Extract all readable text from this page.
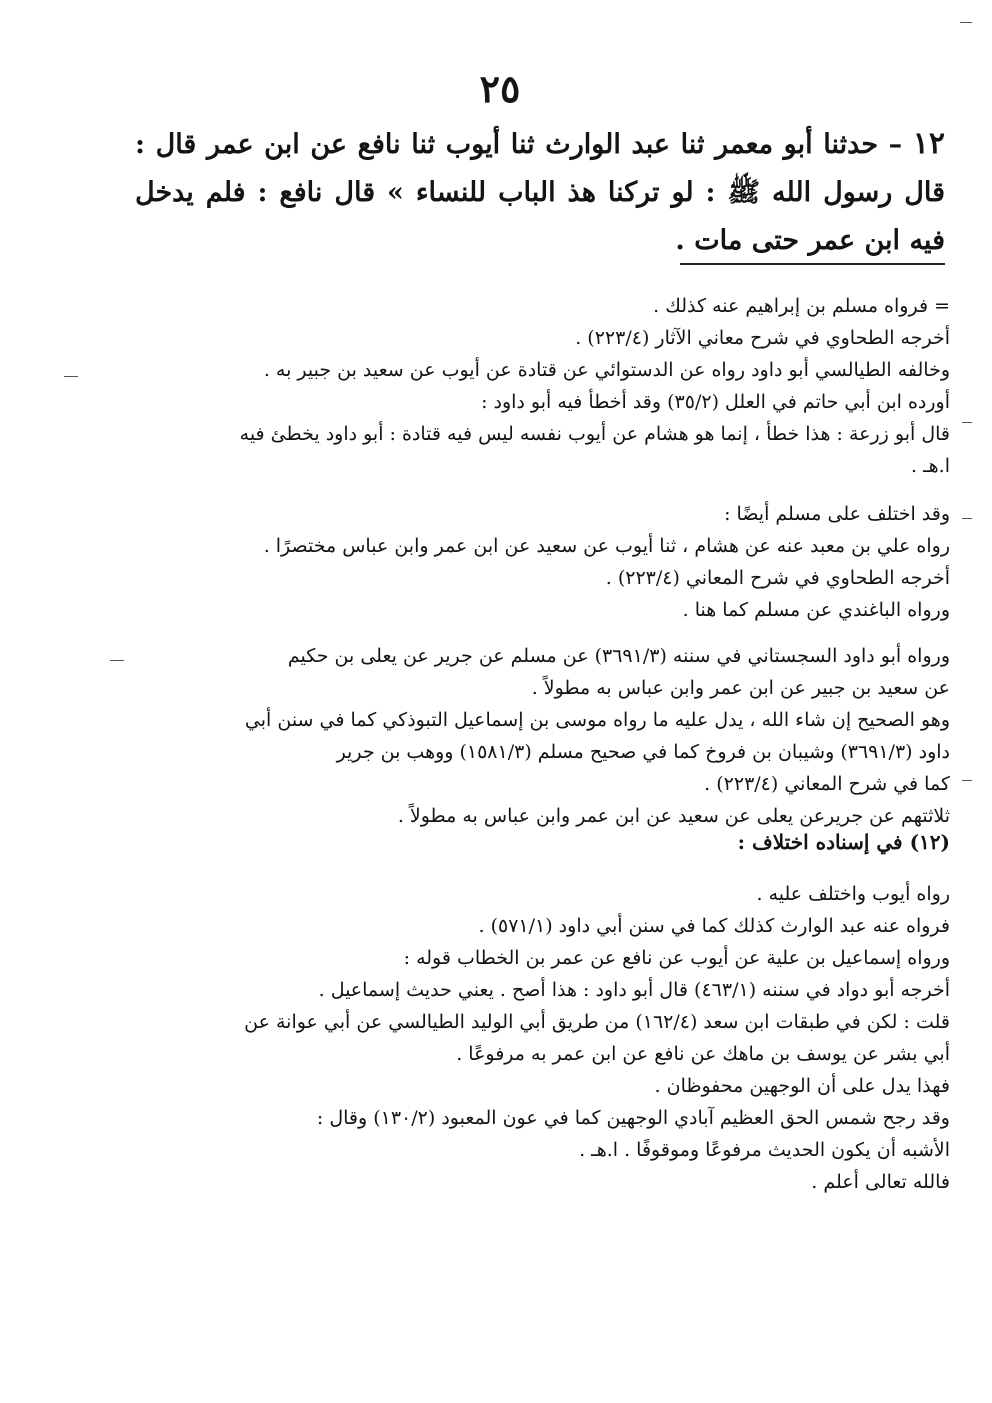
٢٥
١٢ – حدثنا أبو معمر ثنا عبد الوارث ثنا أيوب ثنا نافع عن ابن عمر قال : قال رسول الله ﷺ : لو تركنا هذ الباب للنساء » قال نافع : فلم يدخل فيه ابن عمر حتى مات .
= فرواه مسلم بن إبراهيم عنه كذلك .
أخرجه الطحاوي في شرح معاني الآثار (٢٢٣/٤) .
وخالفه الطيالسي أبو داود رواه عن الدستوائي عن قتادة عن أيوب عن سعيد بن جبير به .
أورده ابن أبي حاتم في العلل (٣٥/٢) وقد أخطأ فيه أبو داود :
قال أبو زرعة : هذا خطأ ، إنما هو هشام عن أيوب نفسه ليس فيه قتادة : أبو داود يخطئ فيه
ا.هـ .
وقد اختلف على مسلم أيضًا :
رواه علي بن معبد عنه عن هشام ، ثنا أيوب عن سعيد عن ابن عمر وابن عباس مختصرًا .
أخرجه الطحاوي في شرح المعاني (٢٢٣/٤) .
ورواه الباغندي عن مسلم كما هنا .
ورواه أبو داود السجستاني في سننه (٣٦٩١/٣) عن مسلم عن جرير عن يعلى بن حكيم
عن سعيد بن جبير عن ابن عمر وابن عباس به مطولاً .
وهو الصحيح إن شاء الله ، يدل عليه ما رواه موسى بن إسماعيل التبوذكي كما في سنن أبي
داود (٣٦٩١/٣) وشيبان بن فروخ كما في صحيح مسلم (١٥٨١/٣) ووهب بن جرير
كما في شرح المعاني (٢٢٣/٤) .
ثلاثتهم عن جريرعن يعلى عن سعيد عن ابن عمر وابن عباس به مطولاً .
(١٢) في إسناده اختلاف :
رواه أيوب واختلف عليه .
فرواه عنه عبد الوارث كذلك كما في سنن أبي داود (٥٧١/١) .
ورواه إسماعيل بن علية عن أيوب عن نافع عن عمر بن الخطاب قوله :
أخرجه أبو دواد في سننه (٤٦٣/١) قال أبو داود : هذا أصح . يعني حديث إسماعيل .
قلت : لكن في طبقات ابن سعد (١٦٢/٤) من طريق أبي الوليد الطيالسي عن أبي عوانة عن
أبي بشر عن يوسف بن ماهك عن نافع عن ابن عمر به مرفوعًا .
فهذا يدل على أن الوجهين محفوظان .
وقد رجح شمس الحق العظيم آبادي الوجهين كما في عون المعبود (١٣٠/٢) وقال :
الأشبه أن يكون الحديث مرفوعًا وموقوفًا . ا.هـ .
فالله تعالى أعلم .
